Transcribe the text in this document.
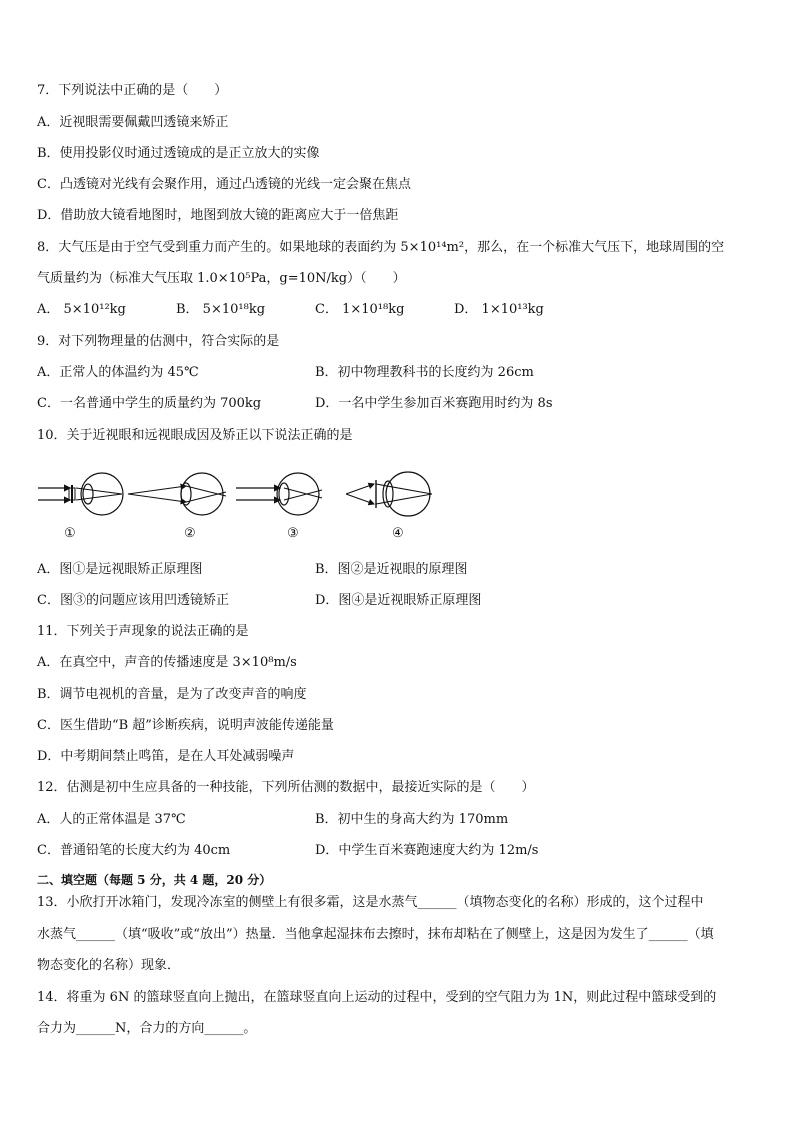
7．下列说法中正确的是（　　）
A．近视眼需要佩戴凹透镜来矫正
B．使用投影仪时通过透镜成的是正立放大的实像
C．凸透镜对光线有会聚作用，通过凸透镜的光线一定会聚在焦点
D．借助放大镜看地图时，地图到放大镜的距离应大于一倍焦距
8．大气压是由于空气受到重力而产生的。如果地球的表面约为 5×10¹⁴m²，那么，在一个标准大气压下，地球周围的空
气质量约为（标准大气压取 1.0×10⁵Pa，g=10N/kg）（　　）
A． 5×10¹²kg	B． 5×10¹⁸kg	C． 1×10¹⁸kg	D． 1×10¹³kg
9．对下列物理量的估测中，符合实际的是
A．正常人的体温约为 45℃	B．初中物理教科书的长度约为 26cm
C．一名普通中学生的质量约为 700kg	D．一名中学生参加百米赛跑用时约为 8s
10．关于近视眼和远视眼成因及矫正以下说法正确的是
①	②	③	④
A．图①是远视眼矫正原理图	B．图②是近视眼的原理图
C．图③的问题应该用凹透镜矫正	D．图④是近视眼矫正原理图
11．下列关于声现象的说法正确的是
A．在真空中，声音的传播速度是 3×10⁸m/s
B．调节电视机的音量，是为了改变声音的响度
C．医生借助“B 超”诊断疾病，说明声波能传递能量
D．中考期间禁止鸣笛，是在人耳处减弱噪声
12．估测是初中生应具备的一种技能，下列所估测的数据中，最接近实际的是（　　）
A．人的正常体温是 37℃	B．初中生的身高大约为 170mm
C．普通铅笔的长度大约为 40cm	D．中学生百米赛跑速度大约为 12m/s
二、填空题（每题 5 分，共 4 题，20 分）
13．小欣打开冰箱门，发现冷冻室的侧壁上有很多霜，这是水蒸气______（填物态变化的名称）形成的，这个过程中
水蒸气______（填“吸收”或“放出”）热量．当他拿起湿抹布去擦时，抹布却粘在了侧壁上，这是因为发生了______（填
物态变化的名称）现象．
14．将重为 6N 的篮球竖直向上抛出，在篮球竖直向上运动的过程中，受到的空气阻力为 1N，则此过程中篮球受到的
合力为______N，合力的方向______。
